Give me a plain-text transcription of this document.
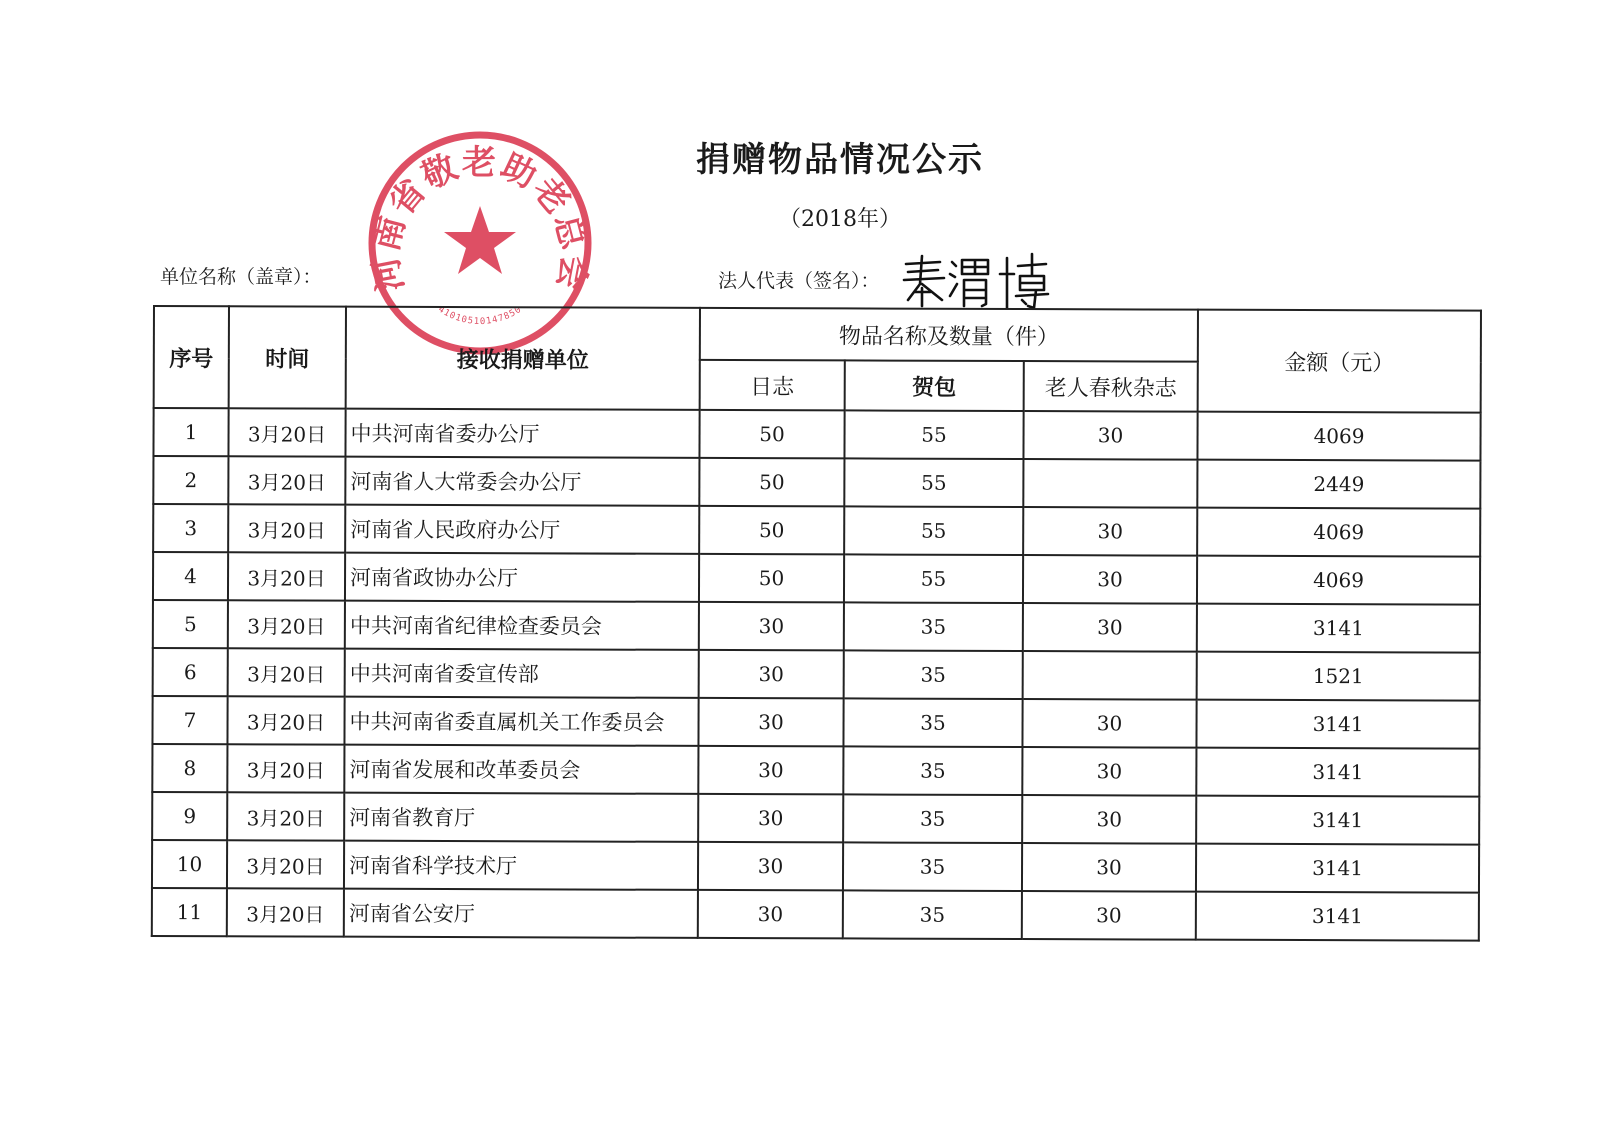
捐赠物品情况公示
（2018年）
单位名称（盖章）：	法人代表（签名）：
河南省敬老助老总会
41010510147850
序号	时间	接收捐赠单位	物品名称及数量（件）			金额（元）
			日志	贺包	老人春秋杂志	
1	3月20日	中共河南省委办公厅	50	55	30	4069
2	3月20日	河南省人大常委会办公厅	50	55		2449
3	3月20日	河南省人民政府办公厅	50	55	30	4069
4	3月20日	河南省政协办公厅	50	55	30	4069
5	3月20日	中共河南省纪律检查委员会	30	35	30	3141
6	3月20日	中共河南省委宣传部	30	35		1521
7	3月20日	中共河南省委直属机关工作委员会	30	35	30	3141
8	3月20日	河南省发展和改革委员会	30	35	30	3141
9	3月20日	河南省教育厅	30	35	30	3141
10	3月20日	河南省科学技术厅	30	35	30	3141
11	3月20日	河南省公安厅	30	35	30	3141
